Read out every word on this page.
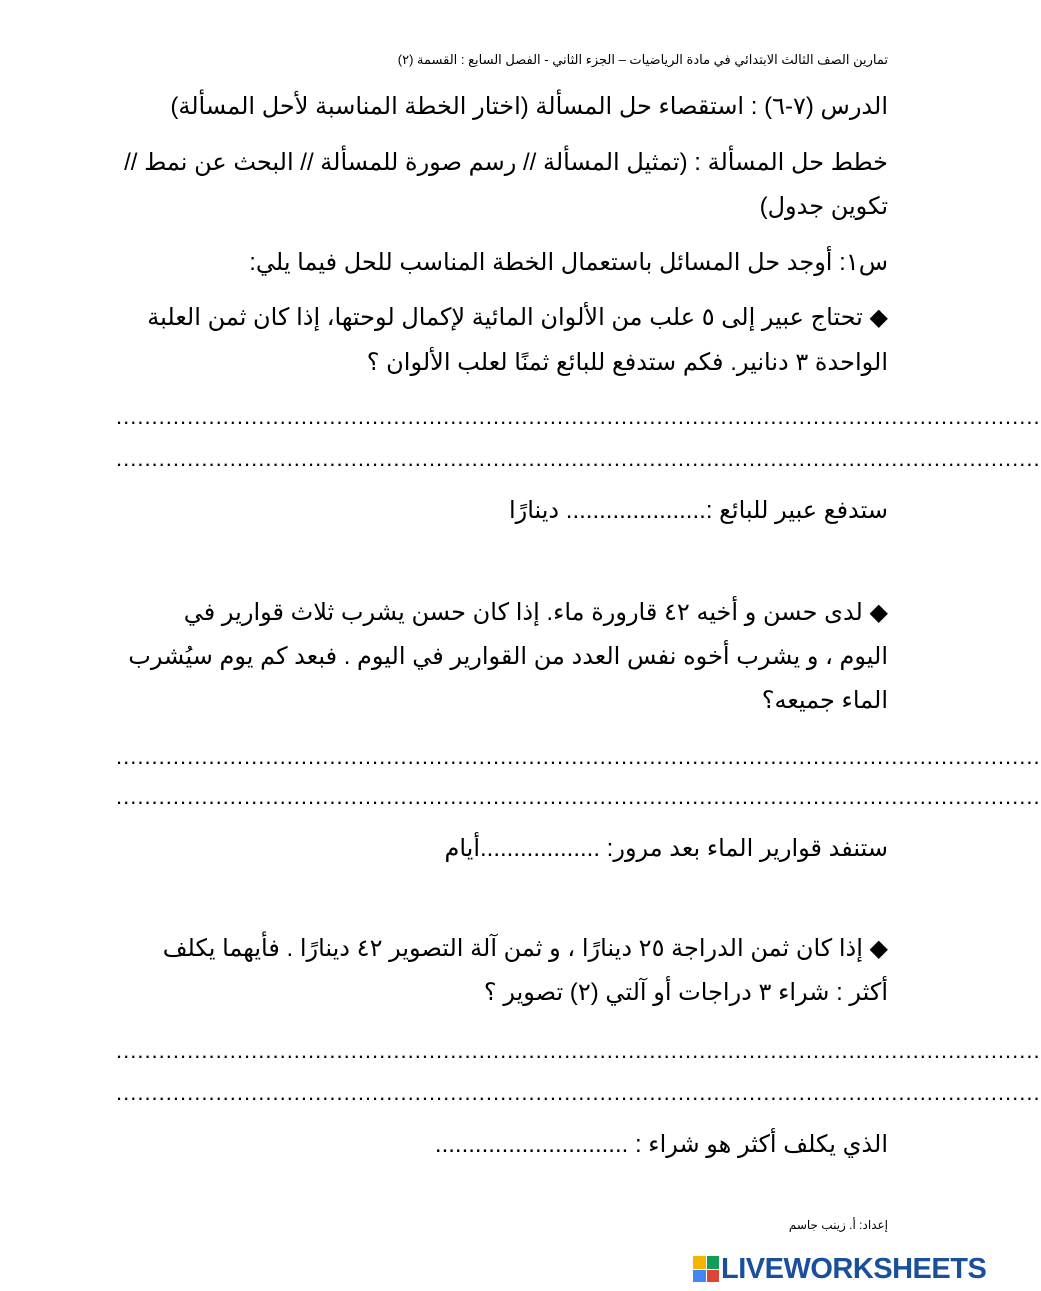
تمارين الصف الثالث الابتدائي في مادة الرياضيات – الجزء الثاني - الفصل السابع : القسمة (٢)
الدرس (٧-٦) : استقصاء حل المسألة (اختار الخطة المناسبة لأحل المسألة)
خطط حل المسألة : (تمثيل المسألة // رسم صورة للمسألة // البحث عن نمط //
تكوين جدول)
س١: أوجد حل المسائل باستعمال الخطة المناسب للحل فيما يلي:
◆ تحتاج عبير إلى ٥ علب من الألوان المائية لإكمال لوحتها، إذا كان ثمن العلبة
الواحدة ٣ دنانير. فكم ستدفع للبائع ثمنًا لعلب الألوان ؟
..................................................................................................................................
..................................................................................................................................
ستدفع عبير للبائع :..................... دينارًا
◆ لدى حسن و أخيه ٤٢ قارورة ماء. إذا كان حسن يشرب ثلاث قوارير في
اليوم ، و يشرب أخوه نفس العدد من القوارير في اليوم . فبعد كم يوم سيُشرب
الماء جميعه؟
..................................................................................................................................
..................................................................................................................................
ستنفد قوارير الماء بعد مرور: ..................أيام
◆ إذا كان ثمن الدراجة ٢٥ دينارًا ، و ثمن آلة التصوير ٤٢ دينارًا . فأيهما يكلف
أكثر : شراء ٣ دراجات أو آلتي (٢) تصوير ؟
..................................................................................................................................
..................................................................................................................................
الذي يكلف أكثر هو شراء : .............................
إعداد: أ. زينب جاسم
LIVEWORKSHEETS
